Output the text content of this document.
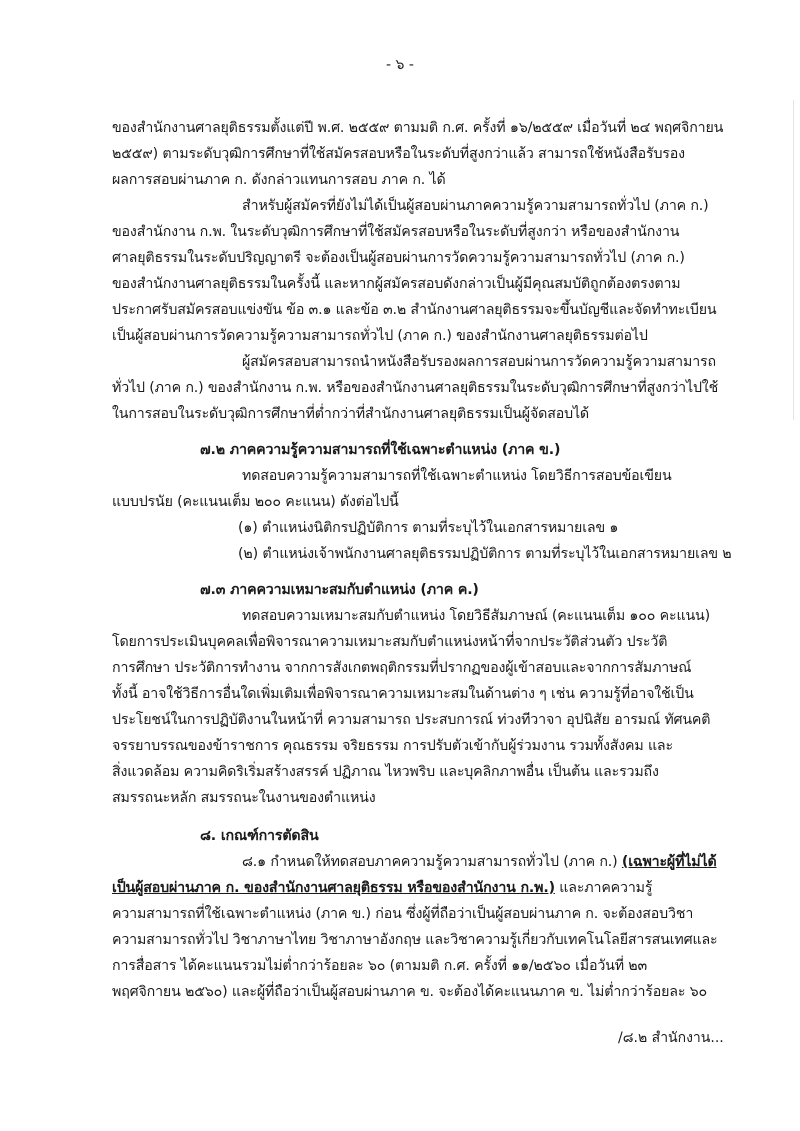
- ๖ -
ของสำนักงานศาลยุติธรรมตั้งแต่ปี พ.ศ. ๒๕๕๙ ตามมติ ก.ศ. ครั้งที่ ๑๖/๒๕๕๙ เมื่อวันที่ ๒๔ พฤศจิกายน
๒๕๕๙) ตามระดับวุฒิการศึกษาที่ใช้สมัครสอบหรือในระดับที่สูงกว่าแล้ว สามารถใช้หนังสือรับรอง
ผลการสอบผ่านภาค ก. ดังกล่าวแทนการสอบ ภาค ก. ได้
สำหรับผู้สมัครที่ยังไม่ได้เป็นผู้สอบผ่านภาคความรู้ความสามารถทั่วไป (ภาค ก.)
ของสำนักงาน ก.พ. ในระดับวุฒิการศึกษาที่ใช้สมัครสอบหรือในระดับที่สูงกว่า หรือของสำนักงาน
ศาลยุติธรรมในระดับปริญญาตรี จะต้องเป็นผู้สอบผ่านการวัดความรู้ความสามารถทั่วไป (ภาค ก.)
ของสำนักงานศาลยุติธรรมในครั้งนี้ และหากผู้สมัครสอบดังกล่าวเป็นผู้มีคุณสมบัติถูกต้องตรงตาม
ประกาศรับสมัครสอบแข่งขัน ข้อ ๓.๑ และข้อ ๓.๒ สำนักงานศาลยุติธรรมจะขึ้นบัญชีและจัดทำทะเบียน
เป็นผู้สอบผ่านการวัดความรู้ความสามารถทั่วไป (ภาค ก.) ของสำนักงานศาลยุติธรรมต่อไป
ผู้สมัครสอบสามารถนำหนังสือรับรองผลการสอบผ่านการวัดความรู้ความสามารถ
ทั่วไป (ภาค ก.) ของสำนักงาน ก.พ. หรือของสำนักงานศาลยุติธรรมในระดับวุฒิการศึกษาที่สูงกว่าไปใช้
ในการสอบในระดับวุฒิการศึกษาที่ต่ำกว่าที่สำนักงานศาลยุติธรรมเป็นผู้จัดสอบได้
๗.๒ ภาคความรู้ความสามารถที่ใช้เฉพาะตำแหน่ง (ภาค ข.)
ทดสอบความรู้ความสามารถที่ใช้เฉพาะตำแหน่ง โดยวิธีการสอบข้อเขียน
แบบปรนัย (คะแนนเต็ม ๒๐๐ คะแนน) ดังต่อไปนี้
(๑) ตำแหน่งนิติกรปฏิบัติการ ตามที่ระบุไว้ในเอกสารหมายเลข ๑
(๒) ตำแหน่งเจ้าพนักงานศาลยุติธรรมปฏิบัติการ ตามที่ระบุไว้ในเอกสารหมายเลข ๒
๗.๓ ภาคความเหมาะสมกับตำแหน่ง (ภาค ค.)
ทดสอบความเหมาะสมกับตำแหน่ง โดยวิธีสัมภาษณ์ (คะแนนเต็ม ๑๐๐ คะแนน)
โดยการประเมินบุคคลเพื่อพิจารณาความเหมาะสมกับตำแหน่งหน้าที่จากประวัติส่วนตัว ประวัติ
การศึกษา ประวัติการทำงาน จากการสังเกตพฤติกรรมที่ปรากฏของผู้เข้าสอบและจากการสัมภาษณ์
ทั้งนี้ อาจใช้วิธีการอื่นใดเพิ่มเติมเพื่อพิจารณาความเหมาะสมในด้านต่าง ๆ เช่น ความรู้ที่อาจใช้เป็น
ประโยชน์ในการปฏิบัติงานในหน้าที่ ความสามารถ ประสบการณ์ ท่วงทีวาจา อุปนิสัย อารมณ์ ทัศนคติ
จรรยาบรรณของข้าราชการ คุณธรรม จริยธรรม การปรับตัวเข้ากับผู้ร่วมงาน รวมทั้งสังคม และ
สิ่งแวดล้อม ความคิดริเริ่มสร้างสรรค์ ปฏิภาณ ไหวพริบ และบุคลิกภาพอื่น เป็นต้น และรวมถึง
สมรรถนะหลัก สมรรถนะในงานของตำแหน่ง
๘. เกณฑ์การตัดสิน
๘.๑ กำหนดให้ทดสอบภาคความรู้ความสามารถทั่วไป (ภาค ก.) (เฉพาะผู้ที่ไม่ได้
เป็นผู้สอบผ่านภาค ก. ของสำนักงานศาลยุติธรรม หรือของสำนักงาน ก.พ.) และภาคความรู้
ความสามารถที่ใช้เฉพาะตำแหน่ง (ภาค ข.) ก่อน ซึ่งผู้ที่ถือว่าเป็นผู้สอบผ่านภาค ก. จะต้องสอบวิชา
ความสามารถทั่วไป วิชาภาษาไทย วิชาภาษาอังกฤษ และวิชาความรู้เกี่ยวกับเทคโนโลยีสารสนเทศและ
การสื่อสาร ได้คะแนนรวมไม่ต่ำกว่าร้อยละ ๖๐ (ตามมติ ก.ศ. ครั้งที่ ๑๑/๒๕๖๐ เมื่อวันที่ ๒๓
พฤศจิกายน ๒๕๖๐) และผู้ที่ถือว่าเป็นผู้สอบผ่านภาค ข. จะต้องได้คะแนนภาค ข. ไม่ต่ำกว่าร้อยละ ๖๐
/๘.๒ สำนักงาน...
